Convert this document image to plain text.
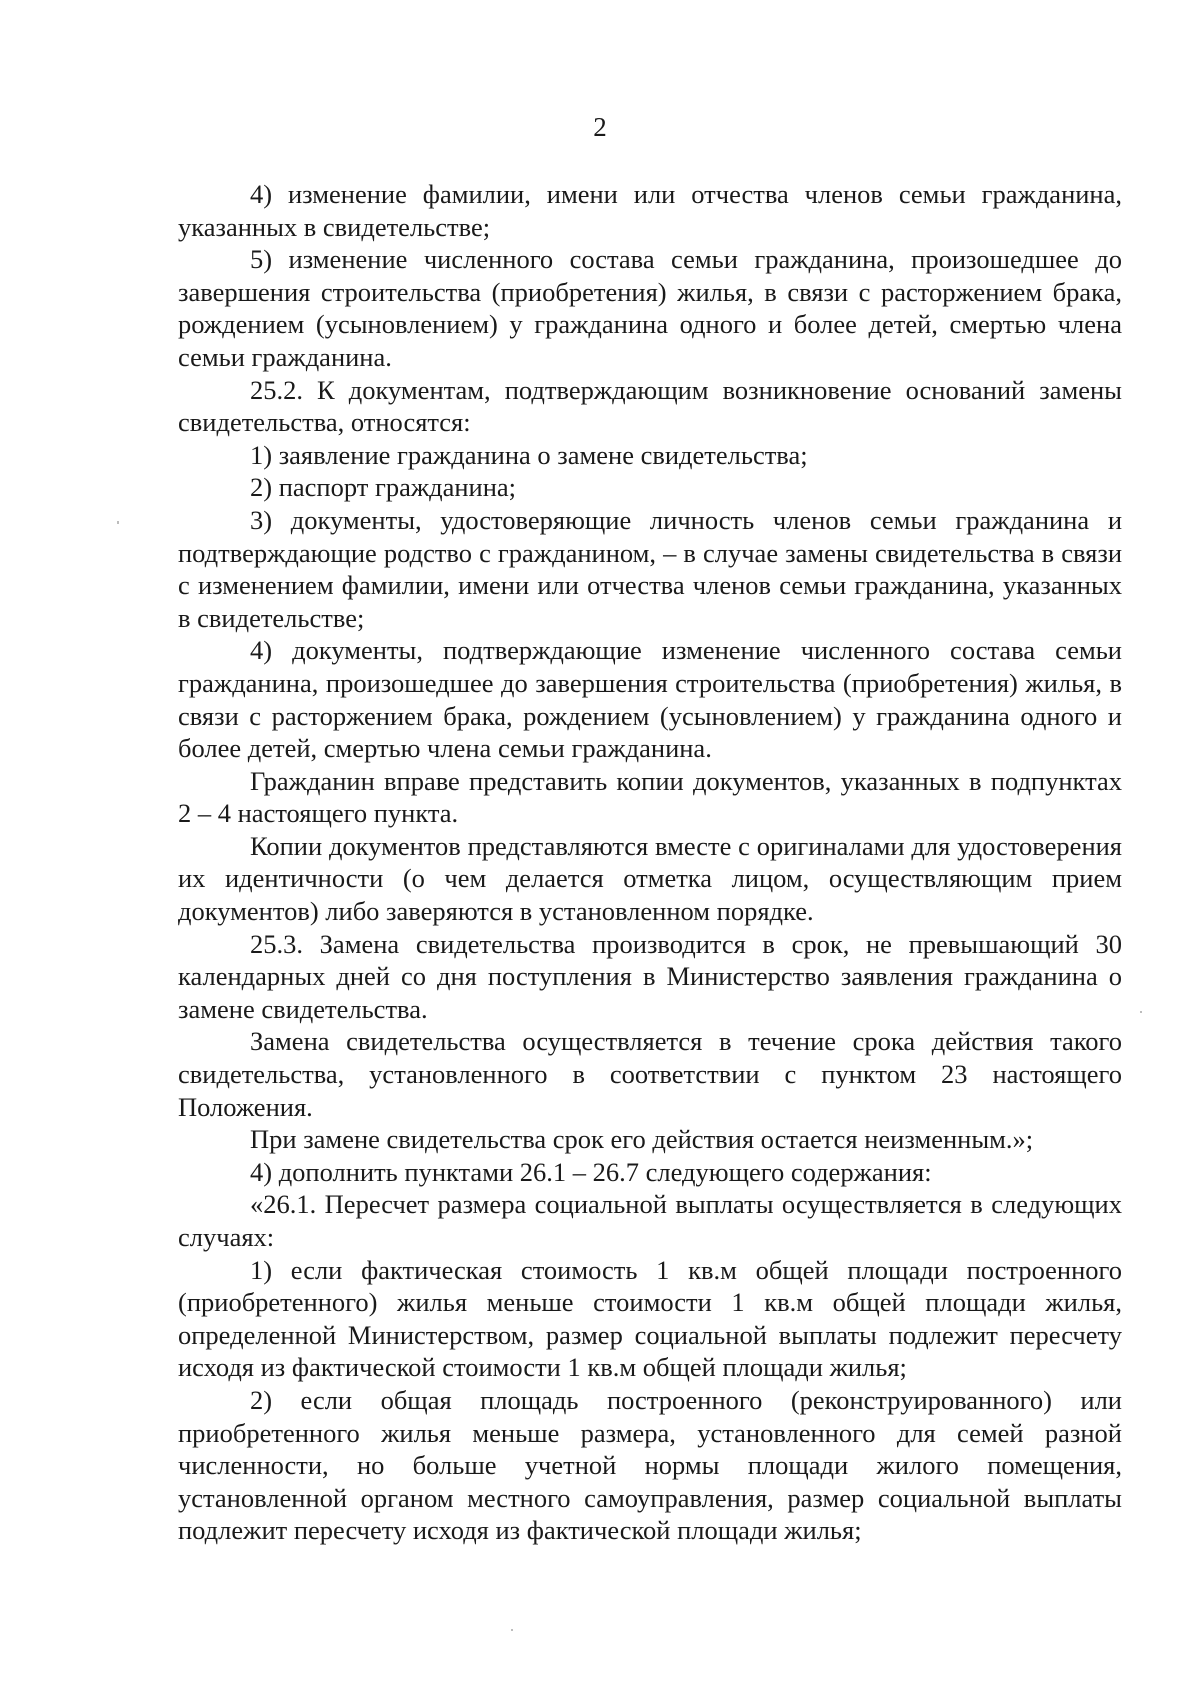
2

4) изменение фамилии, имени или отчества членов семьи гражданина, указанных в свидетельстве;

5) изменение численного состава семьи гражданина, произошедшее до завершения строительства (приобретения) жилья, в связи с расторжением брака, рождением (усыновлением) у гражданина одного и более детей, смертью члена семьи гражданина.

25.2. К документам, подтверждающим возникновение оснований замены свидетельства, относятся:

1) заявление гражданина о замене свидетельства;

2) паспорт гражданина;

3) документы, удостоверяющие личность членов семьи гражданина и подтверждающие родство с гражданином, – в случае замены свидетельства в связи с изменением фамилии, имени или отчества членов семьи гражданина, указанных в свидетельстве;

4) документы, подтверждающие изменение численного состава семьи гражданина, произошедшее до завершения строительства (приобретения) жилья, в связи с расторжением брака, рождением (усыновлением) у гражданина одного и более детей, смертью члена семьи гражданина.

Гражданин вправе представить копии документов, указанных в подпунктах 2 – 4 настоящего пункта.

Копии документов представляются вместе с оригиналами для удостоверения их идентичности (о чем делается отметка лицом, осуществляющим прием документов) либо заверяются в установленном порядке.

25.3. Замена свидетельства производится в срок, не превышающий 30 календарных дней со дня поступления в Министерство заявления гражданина о замене свидетельства.

Замена свидетельства осуществляется в течение срока действия такого свидетельства, установленного в соответствии с пунктом 23 настоящего Положения.

При замене свидетельства срок его действия остается неизменным.»;

4) дополнить пунктами 26.1 – 26.7 следующего содержания:

«26.1. Пересчет размера социальной выплаты осуществляется в следующих случаях:

1) если фактическая стоимость 1 кв.м общей площади построенного (приобретенного) жилья меньше стоимости 1 кв.м общей площади жилья, определенной Министерством, размер социальной выплаты подлежит пересчету исходя из фактической стоимости 1 кв.м общей площади жилья;

2) если общая площадь построенного (реконструированного) или приобретенного жилья меньше размера, установленного для семей разной численности, но больше учетной нормы площади жилого помещения, установленной органом местного самоуправления, размер социальной выплаты подлежит пересчету исходя из фактической площади жилья;
